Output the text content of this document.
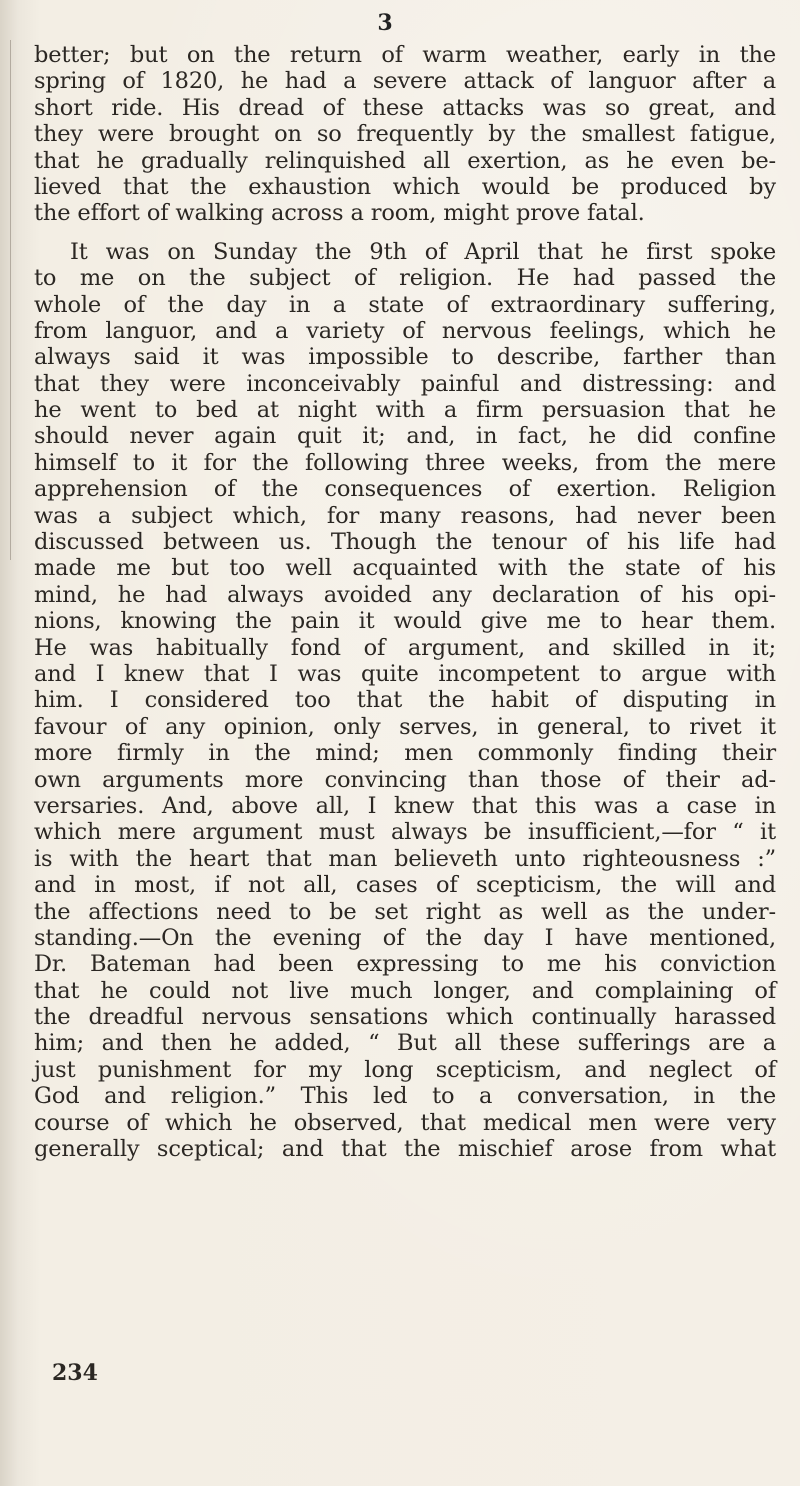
3
better; but on the return of warm weather, early in the
spring of 1820, he had a severe attack of languor after a
short ride. His dread of these attacks was so great, and
they were brought on so frequently by the smallest fatigue,
that he gradually relinquished all exertion, as he even be-
lieved that the exhaustion which would be produced by
the effort of walking across a room, might prove fatal.
It was on Sunday the 9th of April that he first spoke
to me on the subject of religion. He had passed the
whole of the day in a state of extraordinary suffering,
from languor, and a variety of nervous feelings, which he
always said it was impossible to describe, farther than
that they were inconceivably painful and distressing: and
he went to bed at night with a firm persuasion that he
should never again quit it; and, in fact, he did confine
himself to it for the following three weeks, from the mere
apprehension of the consequences of exertion. Religion
was a subject which, for many reasons, had never been
discussed between us. Though the tenour of his life had
made me but too well acquainted with the state of his
mind, he had always avoided any declaration of his opi-
nions, knowing the pain it would give me to hear them.
He was habitually fond of argument, and skilled in it;
and I knew that I was quite incompetent to argue with
him. I considered too that the habit of disputing in
favour of any opinion, only serves, in general, to rivet it
more firmly in the mind; men commonly finding their
own arguments more convincing than those of their ad-
versaries. And, above all, I knew that this was a case in
which mere argument must always be insufficient,—for “ it
is with the heart that man believeth unto righteousness :”
and in most, if not all, cases of scepticism, the will and
the affections need to be set right as well as the under-
standing.—On the evening of the day I have mentioned,
Dr. Bateman had been expressing to me his conviction
that he could not live much longer, and complaining of
the dreadful nervous sensations which continually harassed
him; and then he added, “ But all these sufferings are a
just punishment for my long scepticism, and neglect of
God and religion.” This led to a conversation, in the
course of which he observed, that medical men were very
generally sceptical; and that the mischief arose from what
234
